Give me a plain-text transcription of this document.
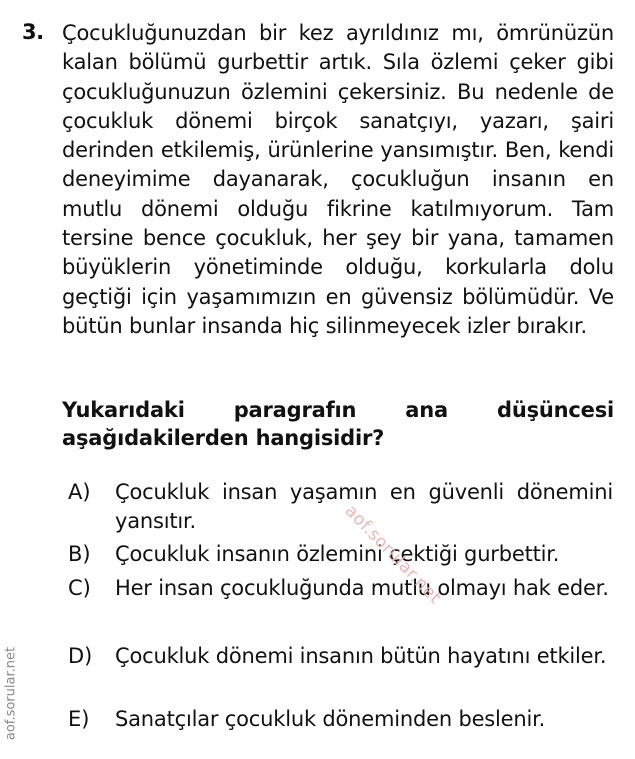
3. Çocukluğunuzdan bir kez ayrıldınız mı, ömrünüzün kalan bölümü gurbettir artık. Sıla özlemi çeker gibi çocukluğunuzun özlemini çekersiniz. Bu nedenle de çocukluk dönemi birçok sanatçıyı, yazarı, şairi derinden etkilemiş, ürünlerine yansımıştır. Ben, kendi deneyimime dayanarak, çocukluğun insanın en mutlu dönemi olduğu fikrine katılmıyorum. Tam tersine bence çocukluk, her şey bir yana, tamamen büyüklerin yönetiminde olduğu, korkularla dolu geçtiği için yaşamımızın en güvensiz bölümüdür. Ve bütün bunlar insanda hiç silinmeyecek izler bırakır.
Yukarıdaki paragrafın ana düşüncesi aşağıdakilerden hangisidir?
A)	Çocukluk insan yaşamın en güvenli dönemini yansıtır.
B)	Çocukluk insanın özlemini çektiği gurbettir.
C)	Her insan çocukluğunda mutlu olmayı hak eder.
D)	Çocukluk dönemi insanın bütün hayatını etkiler.
E)	Sanatçılar çocukluk döneminden beslenir.
aof.sorular.net
aof.sorular.net
